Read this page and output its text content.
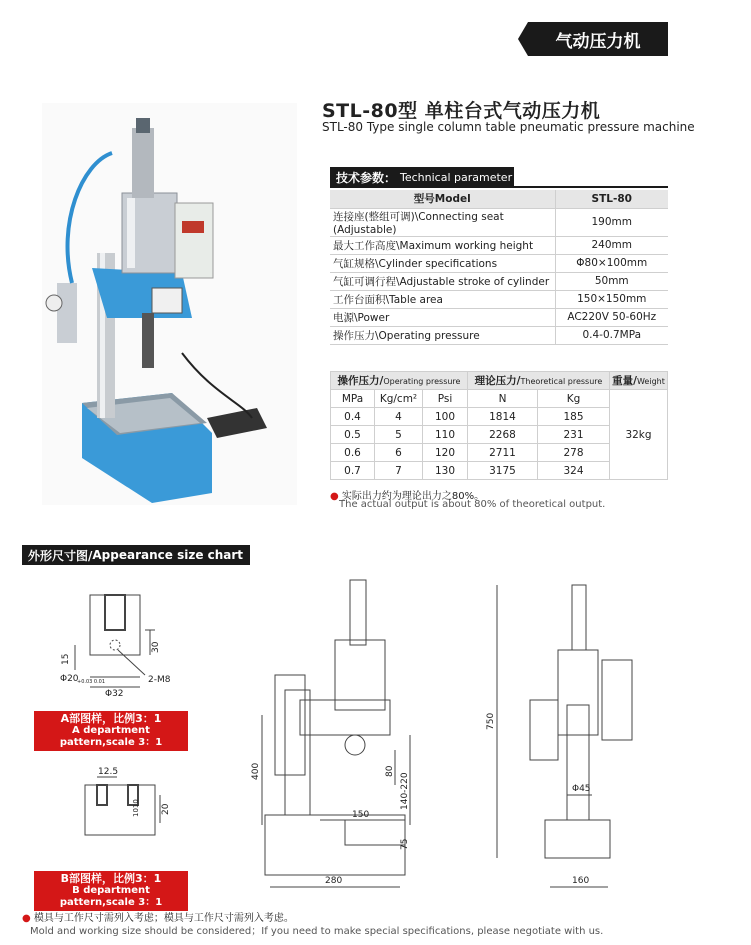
气动压力机
STL-80型 单柱台式气动压力机
STL-80 Type single column table pneumatic pressure machine
技术参数： Technical parameter
型号Model	STL-80
连接座(整组可调)\Connecting seat (Adjustable)	190mm
最大工作高度\Maximum working height	240mm
气缸规格\Cylinder specifications	Φ80×100mm
气缸可调行程\Adjustable stroke of cylinder	50mm
工作台面积\Table area	150×150mm
电源\Power	AC220V 50-60Hz
操作压力\Operating pressure	0.4-0.7MPa
操作压力/Operating pressure			理论压力/Theoretical pressure		重量/Weight
MPa	Kg/cm²	Psi	N	Kg	32kg
0.4	4	100	1814	185	
0.5	5	110	2268	231	
0.6	6	120	2711	278	
0.7	7	130	3175	324	
● 实际出力约为理论出力之80%。
The actual output is about 80% of theoretical output.
外形尺寸图/ Appearance size chart
15
30
Φ20
+0.03 0.01
Φ32
2-M8
12.5
20
1010
400	80
140-220
150
75
280
750
Φ45
160
A部图样，比例3：1
A department pattern,scale 3：1
B部图样，比例3：1
B department pattern,scale 3：1
● 模具与工作尺寸需列入考虑；模具与工作尺寸需列入考虑。
Mold and working size should be considered；If you need to make special specifications, please negotiate with us.
